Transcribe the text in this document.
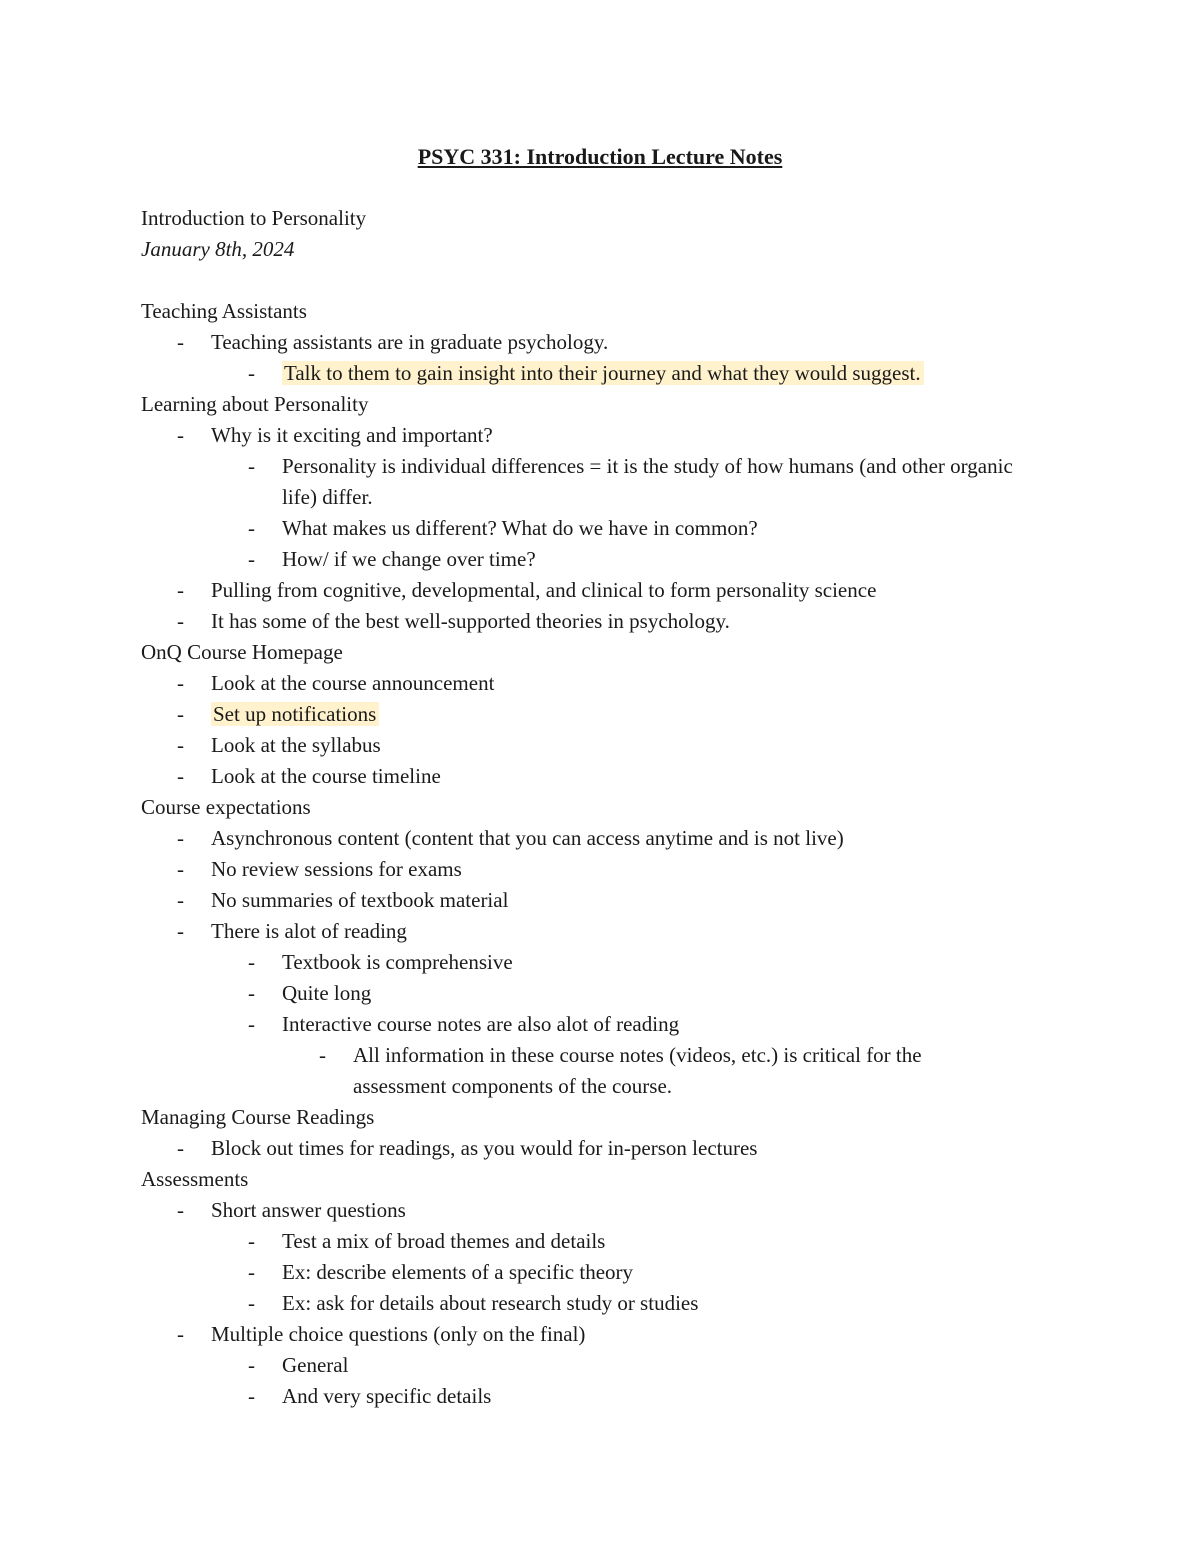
PSYC 331: Introduction Lecture Notes
Introduction to Personality
January 8th, 2024
Teaching Assistants
- Teaching assistants are in graduate psychology.
- Talk to them to gain insight into their journey and what they would suggest.
Learning about Personality
- Why is it exciting and important?
- Personality is individual differences = it is the study of how humans (and other organic life) differ.
- What makes us different? What do we have in common?
- How/ if we change over time?
- Pulling from cognitive, developmental, and clinical to form personality science
- It has some of the best well-supported theories in psychology.
OnQ Course Homepage
- Look at the course announcement
- Set up notifications
- Look at the syllabus
- Look at the course timeline
Course expectations
- Asynchronous content (content that you can access anytime and is not live)
- No review sessions for exams
- No summaries of textbook material
- There is alot of reading
- Textbook is comprehensive
- Quite long
- Interactive course notes are also alot of reading
- All information in these course notes (videos, etc.) is critical for the assessment components of the course.
Managing Course Readings
- Block out times for readings, as you would for in-person lectures
Assessments
- Short answer questions
- Test a mix of broad themes and details
- Ex: describe elements of a specific theory
- Ex: ask for details about research study or studies
- Multiple choice questions (only on the final)
- General
- And very specific details
